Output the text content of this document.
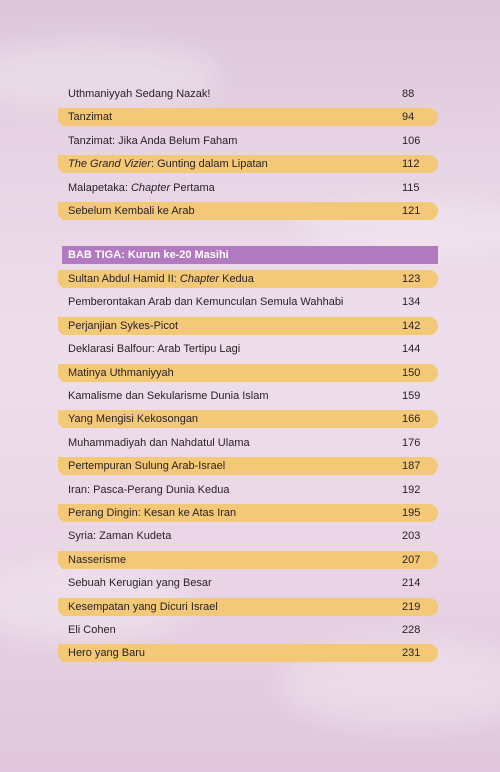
Uthmaniyyah Sedang Nazak!	88
Tanzimat	94
Tanzimat: Jika Anda Belum Faham	106
The Grand Vizier: Gunting dalam Lipatan	112
Malapetaka: Chapter Pertama	115
Sebelum Kembali ke Arab	121
BAB TIGA: Kurun ke-20 Masihi
Sultan Abdul Hamid II: Chapter Kedua	123
Pemberontakan Arab dan Kemunculan Semula Wahhabi	134
Perjanjian Sykes-Picot	142
Deklarasi Balfour: Arab Tertipu Lagi	144
Matinya Uthmaniyyah	150
Kamalisme dan Sekularisme Dunia Islam	159
Yang Mengisi Kekosongan	166
Muhammadiyah dan Nahdatul Ulama	176
Pertempuran Sulung Arab-Israel	187
Iran: Pasca-Perang Dunia Kedua	192
Perang Dingin: Kesan ke Atas Iran	195
Syria: Zaman Kudeta	203
Nasserisme	207
Sebuah Kerugian yang Besar	214
Kesempatan yang Dicuri Israel	219
Eli Cohen	228
Hero yang Baru	231
